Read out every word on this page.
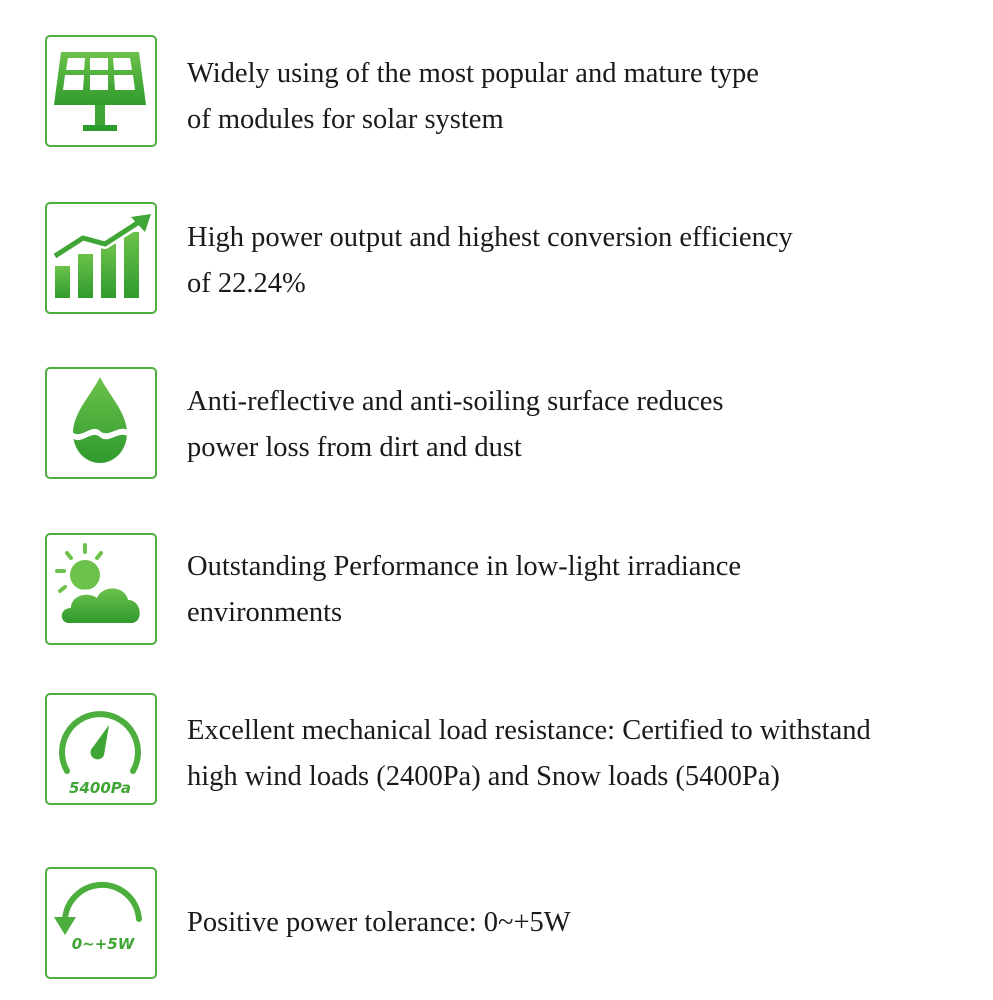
Widely using of the most popular and mature type
of modules for solar system
High power output and highest conversion efficiency
of 22.24%
Anti-reflective and anti-soiling surface reduces
power loss from dirt and dust
Outstanding Performance in low-light irradiance
environments
5400Pa
Excellent mechanical load resistance: Certified to withstand
high wind loads (2400Pa) and Snow loads (5400Pa)
0~+5W
Positive power tolerance: 0~+5W
